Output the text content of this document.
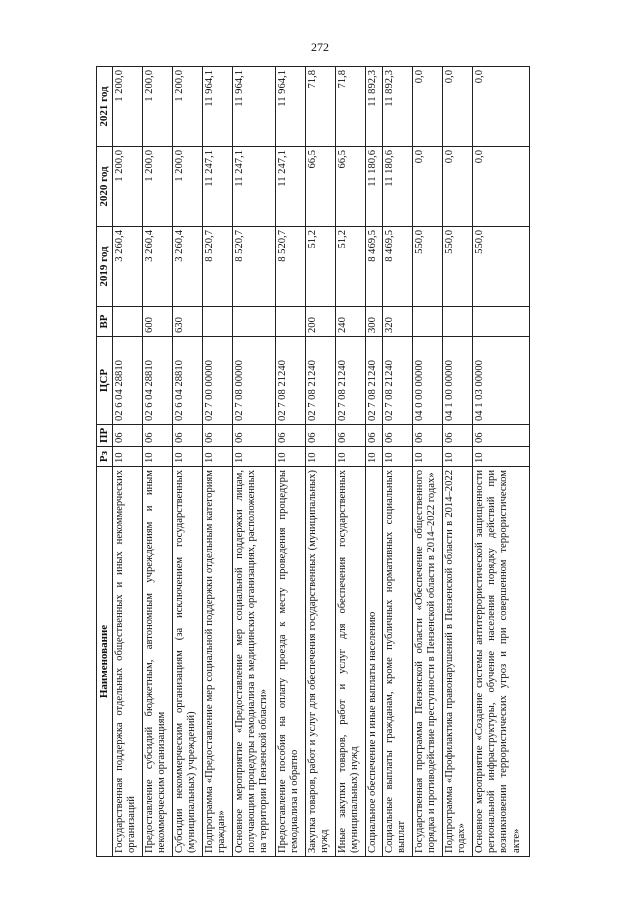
272
Наименование	Рз	ПР	ЦСР	ВР	2019 год	2020 год	2021 год
Государственная поддержка отдельных общественных и иных некоммерческих организаций	10	06	02 6 04 28810		3 260,4	1 200,0	1 200,0
Предоставление субсидий бюджетным, автономным учреждениям и иным некоммерческим организациям	10	06	02 6 04 28810	600	3 260,4	1 200,0	1 200,0
Субсидии некоммерческим организациям (за исключением государственных (муниципальных) учреждений)	10	06	02 6 04 28810	630	3 260,4	1 200,0	1 200,0
Подпрограмма «Предоставление мер социальной поддержки отдельным категориям граждан»	10	06	02 7 00 00000		8 520,7	11 247,1	11 964,1
Основное мероприятие «Предоставление мер социальной поддержки лицам, получающим процедуры гемодиализа в медицинских организациях, расположенных на территории Пензенской области»	10	06	02 7 08 00000		8 520,7	11 247,1	11 964,1
Предоставление пособия на оплату проезда к месту проведения процедуры гемодиализа и обратно	10	06	02 7 08 21240		8 520,7	11 247,1	11 964,1
Закупка товаров, работ и услуг для обеспечения государственных (муниципальных) нужд	10	06	02 7 08 21240	200	51,2	66,5	71,8
Иные закупки товаров, работ и услуг для обеспечения государственных (муниципальных) нужд	10	06	02 7 08 21240	240	51,2	66,5	71,8
Социальное обеспечение и иные выплаты населению	10	06	02 7 08 21240	300	8 469,5	11 180,6	11 892,3
Социальные выплаты гражданам, кроме публичных нормативных социальных выплат	10	06	02 7 08 21240	320	8 469,5	11 180,6	11 892,3
Государственная программа Пензенской области «Обеспечение общественного порядка и противодействие преступности в Пензенской области в 2014–2022 годах»	10	06	04 0 00 00000		550,0	0,0	0,0
Подпрограмма «Профилактика правонарушений в Пензенской области в 2014–2022 годах»	10	06	04 1 00 00000		550,0	0,0	0,0
Основное мероприятие «Создание системы антитеррористической защищенности региональной инфраструктуры, обучение населения порядку действий при возникновении террористических угроз и при совершенном террористическом акте»	10	06	04 1 03 00000		550,0	0,0	0,0
